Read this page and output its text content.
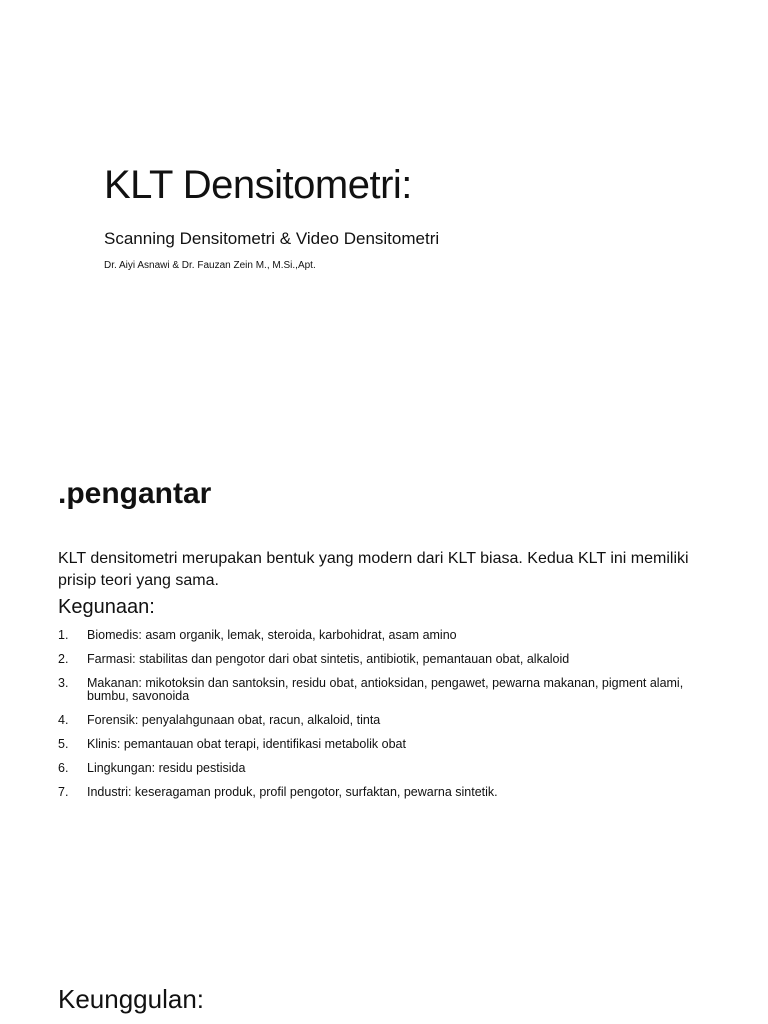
KLT Densitometri:
Scanning Densitometri & Video Densitometri
Dr. Aiyi Asnawi & Dr. Fauzan Zein M., M.Si.,Apt.
.pengantar
KLT densitometri merupakan bentuk yang modern dari KLT biasa. Kedua KLT ini memiliki prisip teori yang sama.
Kegunaan:
1.	Biomedis: asam organik, lemak, steroida, karbohidrat, asam amino
2.	Farmasi: stabilitas dan pengotor dari obat sintetis, antibiotik, pemantauan obat, alkaloid
3.	Makanan: mikotoksin dan santoksin, residu obat, antioksidan, pengawet, pewarna makanan, pigment alami, bumbu, savonoida
4.	Forensik: penyalahgunaan obat, racun, alkaloid, tinta
5.	Klinis: pemantauan obat terapi, identifikasi metabolik obat
6.	Lingkungan: residu pestisida
7.	Industri: keseragaman produk, profil pengotor, surfaktan, pewarna sintetik.
Keunggulan:
